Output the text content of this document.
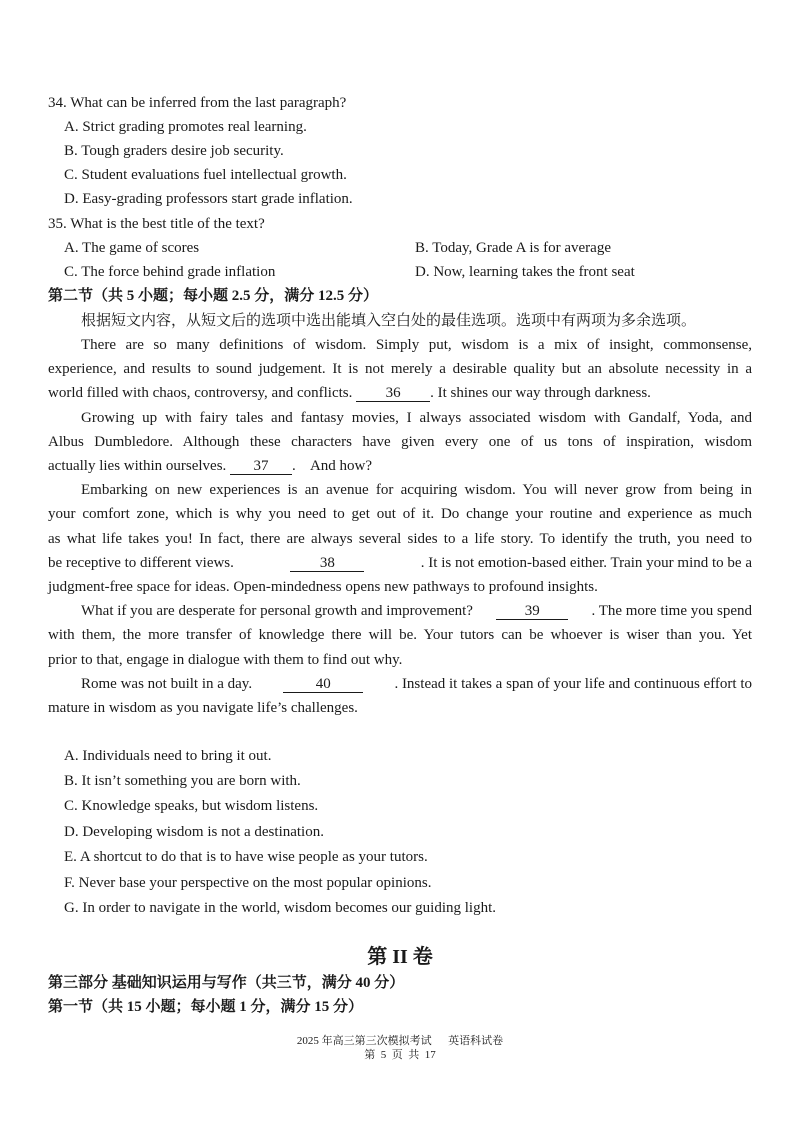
34. What can be inferred from the last paragraph?
A. Strict grading promotes real learning.
B. Tough graders desire job security.
C. Student evaluations fuel intellectual growth.
D. Easy-grading professors start grade inflation.
35. What is the best title of the text?
A. The game of scores	B. Today, Grade A is for average
C. The force behind grade inflation	D. Now, learning takes the front seat
第二节（共 5 小题；每小题 2.5 分，满分 12.5 分）
根据短文内容，从短文后的选项中选出能填入空白处的最佳选项。选项中有两项为多余选项。
There are so many definitions of wisdom. Simply put, wisdom is a mix of insight, commonsense,
experience, and results to sound judgement. It is not merely a desirable quality but an absolute necessity in a
world filled with chaos, controversy, and conflicts. 36 . It shines our way through darkness.
Growing up with fairy tales and fantasy movies, I always associated wisdom with Gandalf, Yoda, and
Albus Dumbledore. Although these characters have given every one of us tons of inspiration, wisdom
actually lies within ourselves. 37 .    And how?
Embarking on new experiences is an avenue for acquiring wisdom. You will never grow from being in
your comfort zone, which is why you need to get out of it. Do change your routine and experience as much
as what life takes you! In fact, there are always several sides to a life story. To identify the truth, you need to
be receptive to different views.	38	. It is not emotion-based either. Train your mind to be a
judgment-free space for ideas. Open-mindedness opens new pathways to profound insights.
What if you are desperate for personal growth and improvement?	39	. The more time you spend
with them, the more transfer of knowledge there will be. Your tutors can be whoever is wiser than you. Yet
prior to that, engage in dialogue with them to find out why.
Rome was not built in a day.	40	. Instead it takes a span of your life and continuous effort to
mature in wisdom as you navigate life’s challenges.
A. Individuals need to bring it out.
B. It isn’t something you are born with.
C. Knowledge speaks, but wisdom listens.
D. Developing wisdom is not a destination.
E. A shortcut to do that is to have wise people as your tutors.
F. Never base your perspective on the most popular opinions.
G. In order to navigate in the world, wisdom becomes our guiding light.
第 II 卷
第三部分 基础知识运用与写作（共三节，满分 40 分）
第一节（共 15 小题；每小题 1 分，满分 15 分）
2025 年高三第三次模拟考试      英语科试卷
第  5  页  共  17
